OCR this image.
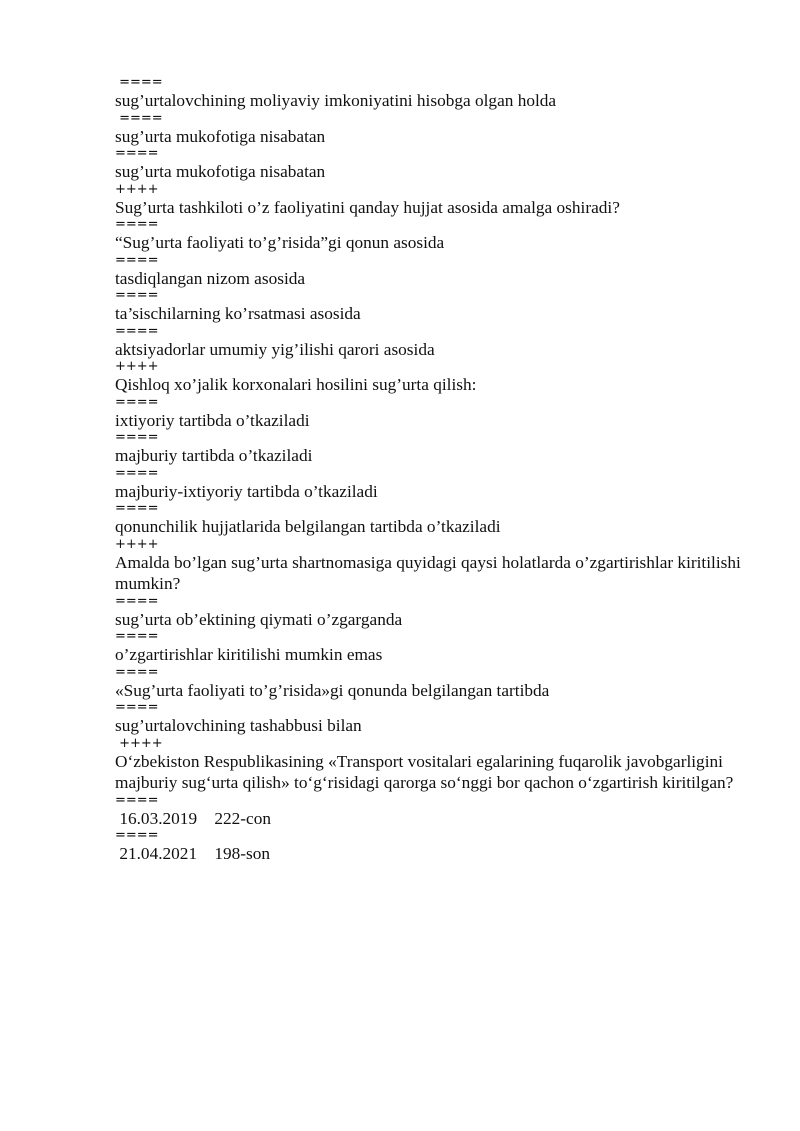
====
sug’urtalovchining moliyaviy imkoniyatini hisobga olgan holda
====
sug’urta mukofotiga nisabatan
====
sug’urta mukofotiga nisabatan
++++
Sug’urta tashkiloti o’z faoliyatini qanday hujjat asosida amalga oshiradi?
====
“Sug’urta faoliyati to’g’risida”gi qonun asosida
====
tasdiqlangan nizom asosida
====
ta’sischilarning ko’rsatmasi asosida
====
aktsiyadorlar umumiy yig’ilishi qarori asosida
++++
Qishloq xo’jalik korxonalari hosilini sug’urta qilish:
====
ixtiyoriy tartibda o’tkaziladi
====
majburiy tartibda o’tkaziladi
====
majburiy-ixtiyoriy tartibda o’tkaziladi
====
qonunchilik hujjatlarida belgilangan tartibda o’tkaziladi
++++
Amalda bo’lgan sug’urta shartnomasiga quyidagi qaysi holatlarda o’zgartirishlar kiritilishi mumkin?
====
sug’urta ob’ektining qiymati o’zgarganda
====
o’zgartirishlar kiritilishi mumkin emas
====
«Sug’urta faoliyati to’g’risida»gi qonunda belgilangan tartibda
====
sug’urtalovchining tashabbusi bilan
++++
O‘zbekiston Respublikasining «Transport vositalari egalarining fuqarolik javobgarligini majburiy sug‘urta qilish» to‘g‘risidagi qarorga so‘nggi bor qachon o‘zgartirish kiritilgan?
====
16.03.2019    222-con
====
21.04.2021    198-son
